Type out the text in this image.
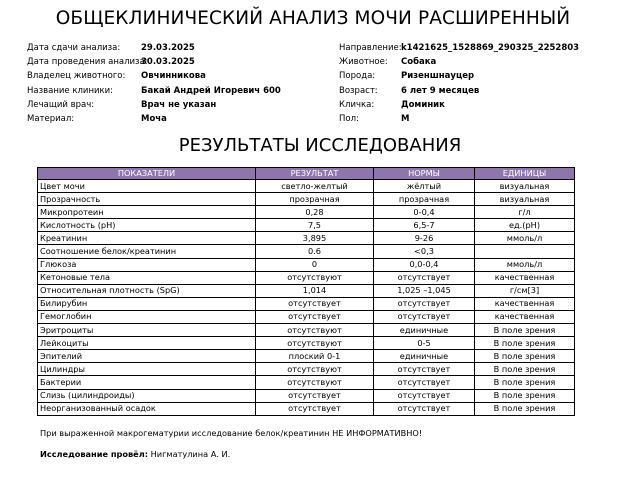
ОБЩЕКЛИНИЧЕСКИЙ АНАЛИЗ МОЧИ РАСШИРЕННЫЙ
Дата сдачи анализа: 29.03.2025
Дата проведения анализа:30.03.2025
Владелец животного: Овчинникова
Название клиники:	Бакай Андрей Игоревич 600
Лечащий врач:	Врач не указан
Материал:	Моча
Направление:k1421625_1528869_290325_2252803
Животное: Собака
Порода:	Ризеншнауцер
Возраст:	6 лет 9 месяцев
Кличка:	Доминик
Пол:	М
РЕЗУЛЬТАТЫ ИССЛЕДОВАНИЯ
ПОКАЗАТЕЛИ	РЕЗУЛЬТАТ	НОРМЫ	ЕДИНИЦЫ
Цвет мочи	светло-желтый	жёлтый	визуальная
Прозрачность	прозрачная	прозрачная	визуальная
Микропротеин	0,28	0-0,4	г/л
Кислотность (pH)	7,5	6,5-7	ед.(pH)
Креатинин	3,895	9-26	ммоль/л
Соотношение белок/креатинин	0.6	<0,3	
Глюкоза	0	0,0-0,4	ммоль/л
Кетоновые тела	отсутствуют	отсутствует	качественная
Относительная плотность (SpG)	1,014	1,025 –1,045	г/см[3]
Билирубин	отсутствует	отсутствует	качественная
Гемоглобин	отсутствует	отсутствует	качественная
Эритроциты	отсутствуют	единичные	В поле зрения
Лейкоциты	отсутствуют	0-5	В поле зрения
Эпителий	плоский 0-1	единичные	В поле зрения
Цилиндры	отсутствуют	отсутствует	В поле зрения
Бактерии	отсутствуют	отсутствует	В поле зрения
Слизь (цилиндроиды)	отсутствует	отсутствует	В поле зрения
Неорганизованный осадок	отсутствует	отсутствует	В поле зрения
При выраженной макрогематурии исследование белок/креатинин НЕ ИНФОРМАТИВНО!
Исследование провёл: Нигматулина А. И.
